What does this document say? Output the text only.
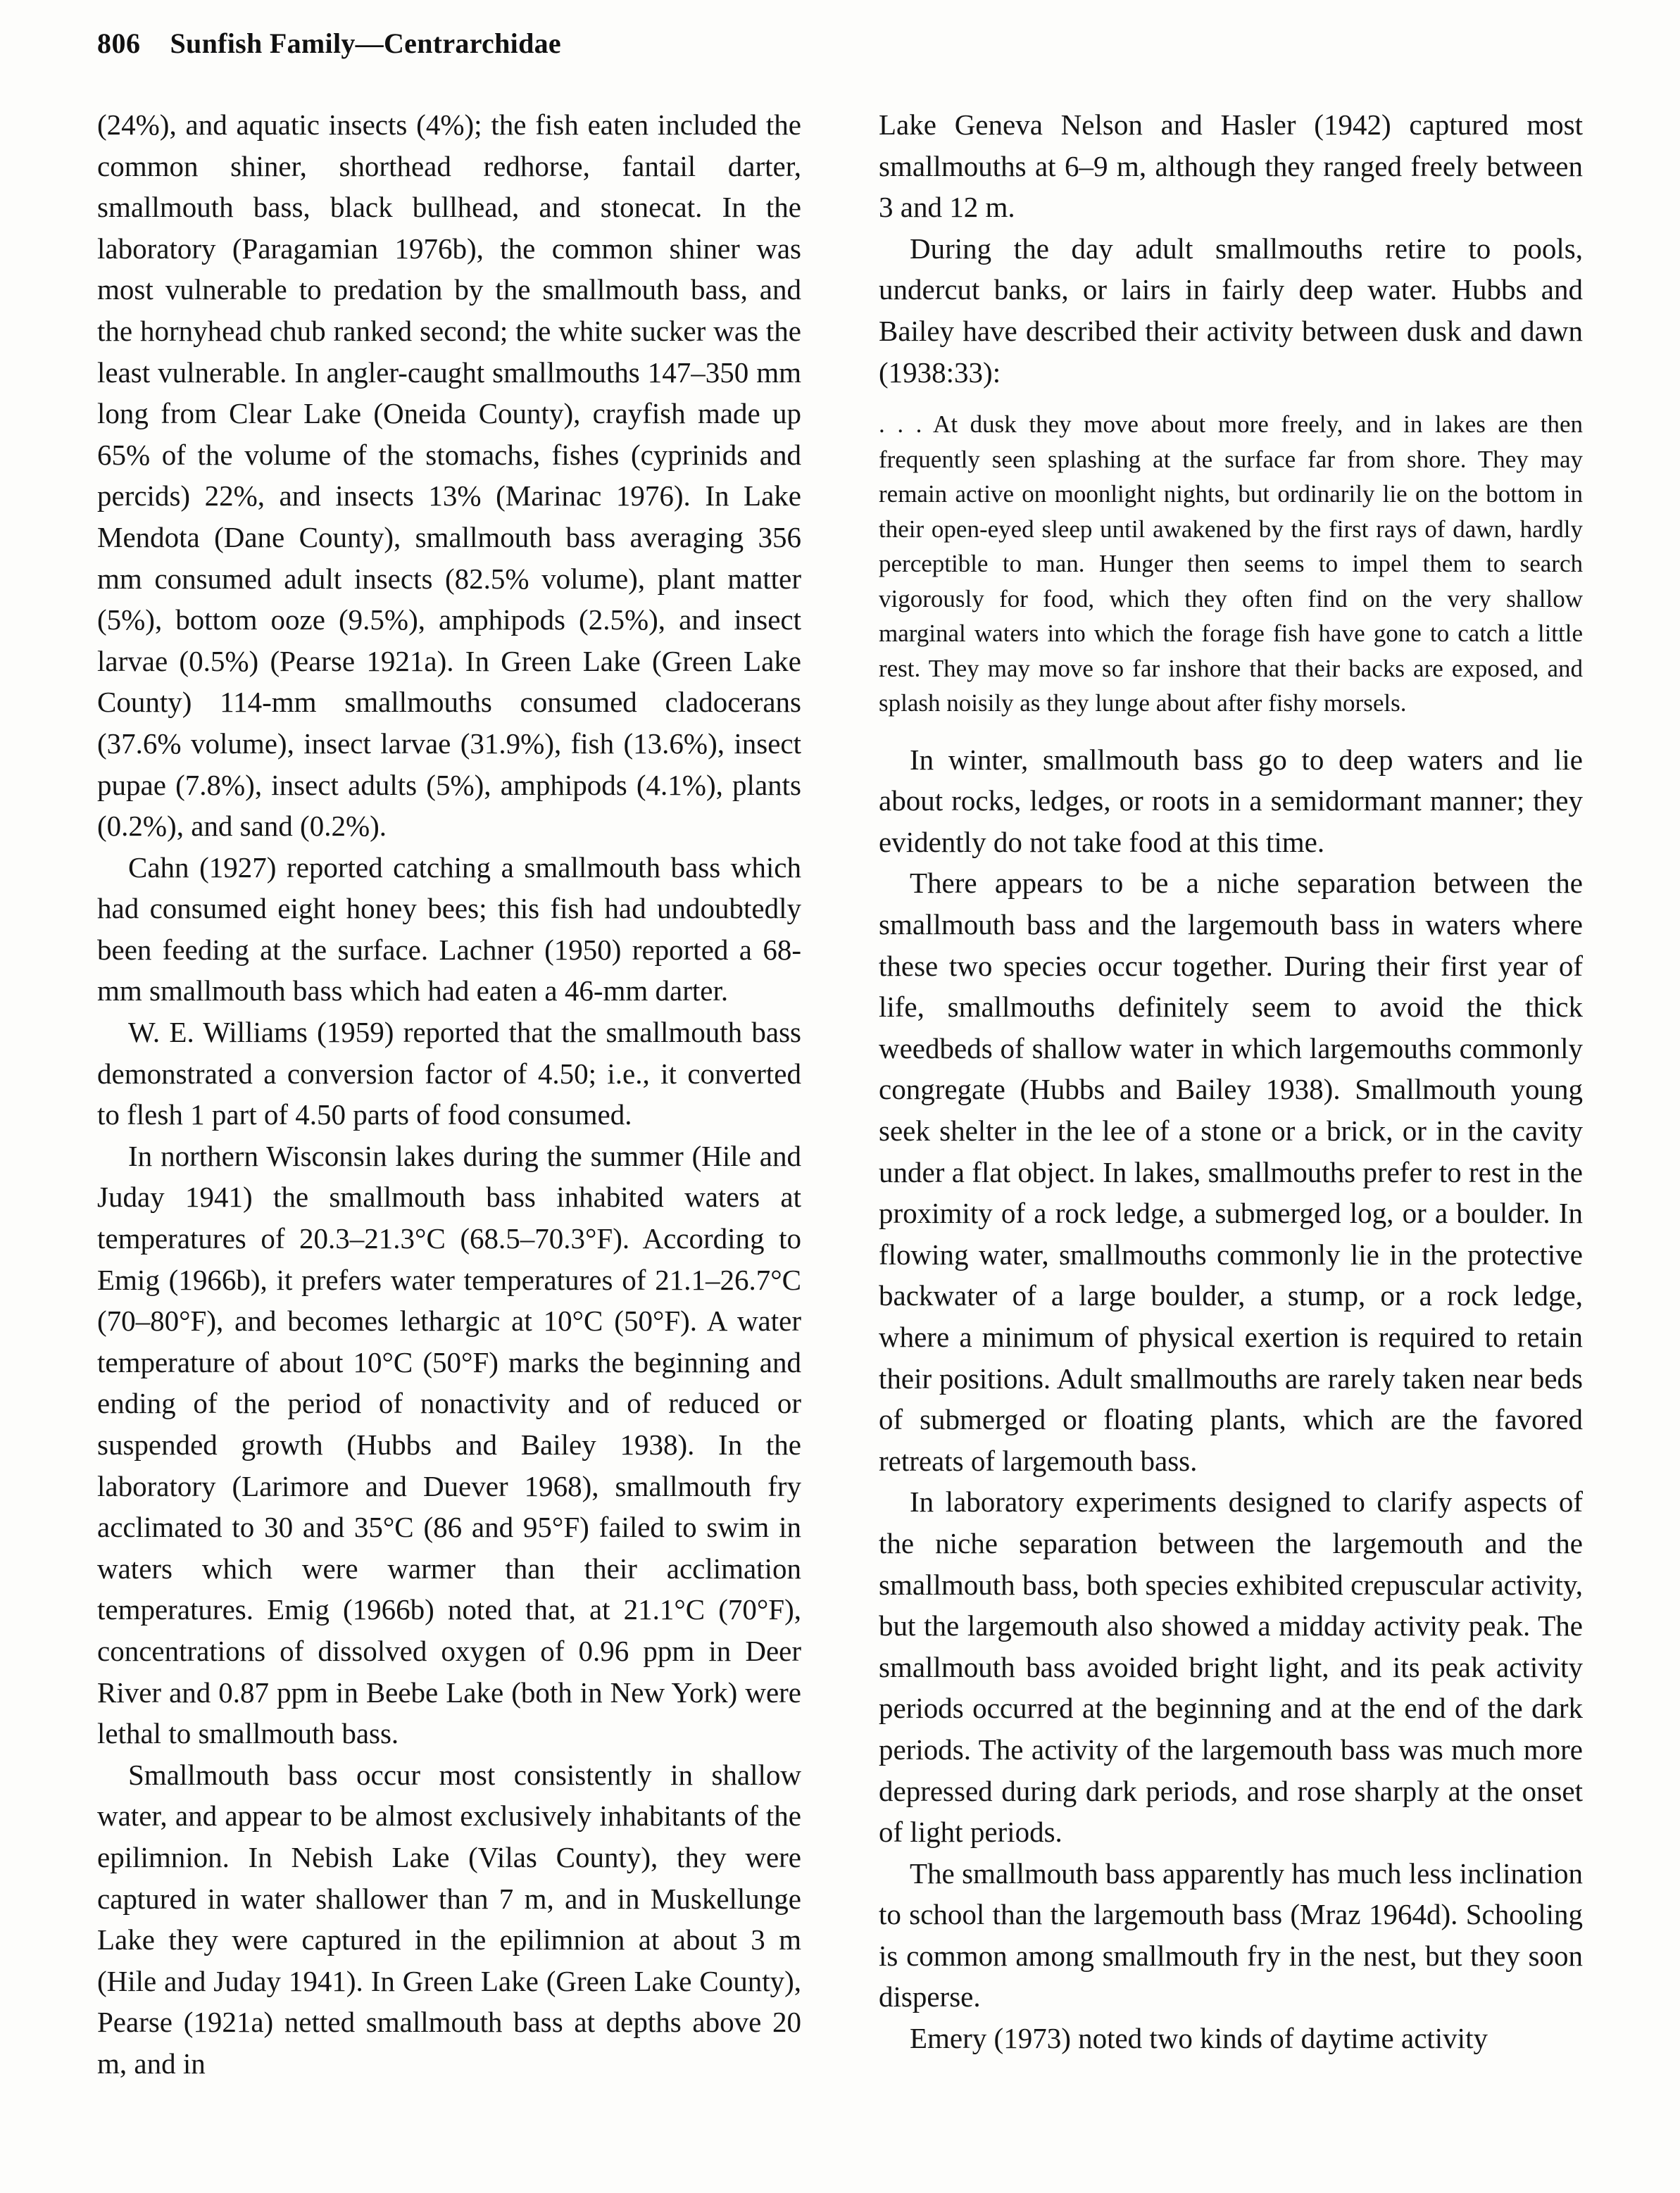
806 Sunfish Family—Centrarchidae

(24%), and aquatic insects (4%); the fish eaten included the common shiner, shorthead redhorse, fantail darter, smallmouth bass, black bullhead, and stonecat. In the laboratory (Paragamian 1976b), the common shiner was most vulnerable to predation by the smallmouth bass, and the hornyhead chub ranked second; the white sucker was the least vulnerable. In angler-caught smallmouths 147–350 mm long from Clear Lake (Oneida County), crayfish made up 65% of the volume of the stomachs, fishes (cyprinids and percids) 22%, and insects 13% (Marinac 1976). In Lake Mendota (Dane County), smallmouth bass averaging 356 mm consumed adult insects (82.5% volume), plant matter (5%), bottom ooze (9.5%), amphipods (2.5%), and insect larvae (0.5%) (Pearse 1921a). In Green Lake (Green Lake County) 114-mm smallmouths consumed cladocerans (37.6% volume), insect larvae (31.9%), fish (13.6%), insect pupae (7.8%), insect adults (5%), amphipods (4.1%), plants (0.2%), and sand (0.2%).

Cahn (1927) reported catching a smallmouth bass which had consumed eight honey bees; this fish had undoubtedly been feeding at the surface. Lachner (1950) reported a 68-mm smallmouth bass which had eaten a 46-mm darter.

W. E. Williams (1959) reported that the smallmouth bass demonstrated a conversion factor of 4.50; i.e., it converted to flesh 1 part of 4.50 parts of food consumed.

In northern Wisconsin lakes during the summer (Hile and Juday 1941) the smallmouth bass inhabited waters at temperatures of 20.3–21.3°C (68.5–70.3°F). According to Emig (1966b), it prefers water temperatures of 21.1–26.7°C (70–80°F), and becomes lethargic at 10°C (50°F). A water temperature of about 10°C (50°F) marks the beginning and ending of the period of nonactivity and of reduced or suspended growth (Hubbs and Bailey 1938). In the laboratory (Larimore and Duever 1968), smallmouth fry acclimated to 30 and 35°C (86 and 95°F) failed to swim in waters which were warmer than their acclimation temperatures. Emig (1966b) noted that, at 21.1°C (70°F), concentrations of dissolved oxygen of 0.96 ppm in Deer River and 0.87 ppm in Beebe Lake (both in New York) were lethal to smallmouth bass.

Smallmouth bass occur most consistently in shallow water, and appear to be almost exclusively inhabitants of the epilimnion. In Nebish Lake (Vilas County), they were captured in water shallower than 7 m, and in Muskellunge Lake they were captured in the epilimnion at about 3 m (Hile and Juday 1941). In Green Lake (Green Lake County), Pearse (1921a) netted smallmouth bass at depths above 20 m, and in

Lake Geneva Nelson and Hasler (1942) captured most smallmouths at 6–9 m, although they ranged freely between 3 and 12 m.

During the day adult smallmouths retire to pools, undercut banks, or lairs in fairly deep water. Hubbs and Bailey have described their activity between dusk and dawn (1938:33):

. . . At dusk they move about more freely, and in lakes are then frequently seen splashing at the surface far from shore. They may remain active on moonlight nights, but ordinarily lie on the bottom in their open-eyed sleep until awakened by the first rays of dawn, hardly perceptible to man. Hunger then seems to impel them to search vigorously for food, which they often find on the very shallow marginal waters into which the forage fish have gone to catch a little rest. They may move so far inshore that their backs are exposed, and splash noisily as they lunge about after fishy morsels.

In winter, smallmouth bass go to deep waters and lie about rocks, ledges, or roots in a semidormant manner; they evidently do not take food at this time.

There appears to be a niche separation between the smallmouth bass and the largemouth bass in waters where these two species occur together. During their first year of life, smallmouths definitely seem to avoid the thick weedbeds of shallow water in which largemouths commonly congregate (Hubbs and Bailey 1938). Smallmouth young seek shelter in the lee of a stone or a brick, or in the cavity under a flat object. In lakes, smallmouths prefer to rest in the proximity of a rock ledge, a submerged log, or a boulder. In flowing water, smallmouths commonly lie in the protective backwater of a large boulder, a stump, or a rock ledge, where a minimum of physical exertion is required to retain their positions. Adult smallmouths are rarely taken near beds of submerged or floating plants, which are the favored retreats of largemouth bass.

In laboratory experiments designed to clarify aspects of the niche separation between the largemouth and the smallmouth bass, both species exhibited crepuscular activity, but the largemouth also showed a midday activity peak. The smallmouth bass avoided bright light, and its peak activity periods occurred at the beginning and at the end of the dark periods. The activity of the largemouth bass was much more depressed during dark periods, and rose sharply at the onset of light periods.

The smallmouth bass apparently has much less inclination to school than the largemouth bass (Mraz 1964d). Schooling is common among smallmouth fry in the nest, but they soon disperse.

Emery (1973) noted two kinds of daytime activity
